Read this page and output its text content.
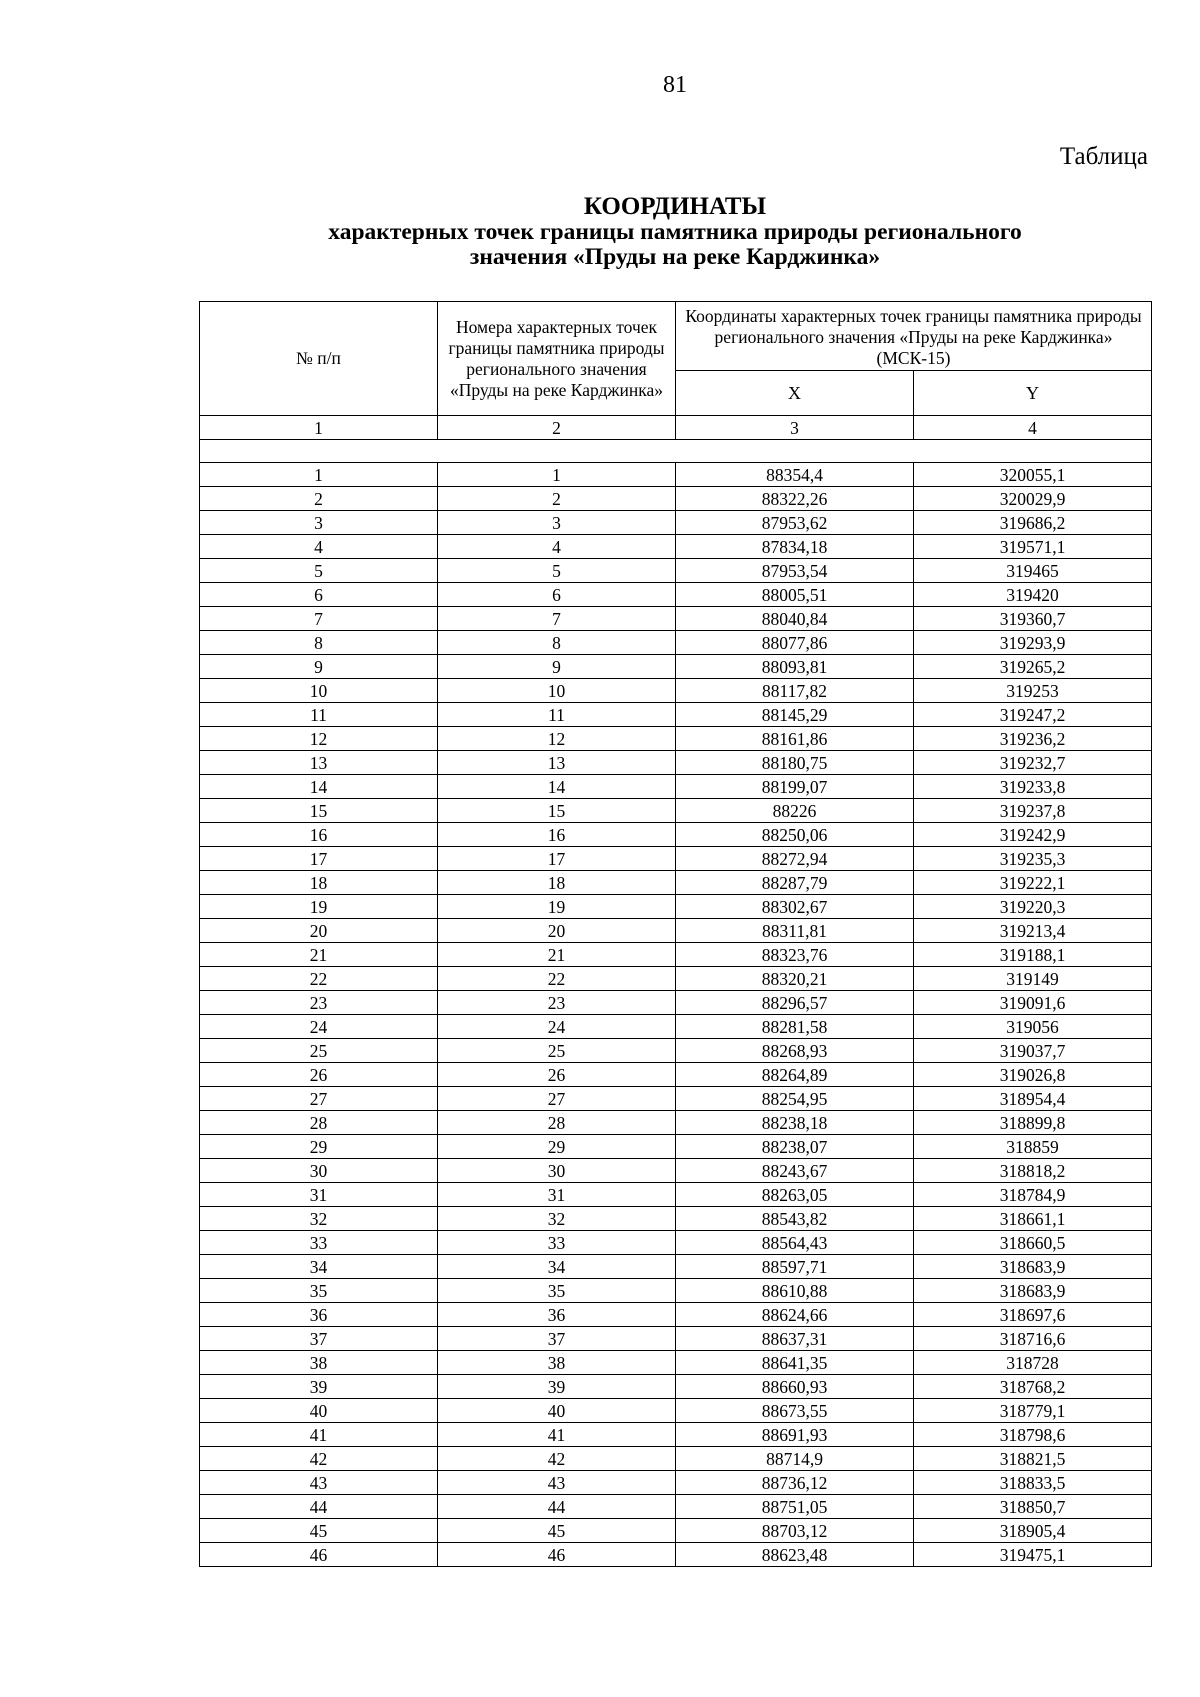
81
Таблица
КООРДИНАТЫ
характерных точек границы памятника природы регионального
значения «Пруды на реке Карджинка»
№ п/п	Номера характерных точек границы памятника природы регионального значения «Пруды на реке Карджинка»	Координаты характерных точек границы памятника природы регионального значения «Пруды на реке Карджинка» (МСК-15)	
		X	Y
1	2	3	4

1	1	88354,4	320055,1
2	2	88322,26	320029,9
3	3	87953,62	319686,2
4	4	87834,18	319571,1
5	5	87953,54	319465
6	6	88005,51	319420
7	7	88040,84	319360,7
8	8	88077,86	319293,9
9	9	88093,81	319265,2
10	10	88117,82	319253
11	11	88145,29	319247,2
12	12	88161,86	319236,2
13	13	88180,75	319232,7
14	14	88199,07	319233,8
15	15	88226	319237,8
16	16	88250,06	319242,9
17	17	88272,94	319235,3
18	18	88287,79	319222,1
19	19	88302,67	319220,3
20	20	88311,81	319213,4
21	21	88323,76	319188,1
22	22	88320,21	319149
23	23	88296,57	319091,6
24	24	88281,58	319056
25	25	88268,93	319037,7
26	26	88264,89	319026,8
27	27	88254,95	318954,4
28	28	88238,18	318899,8
29	29	88238,07	318859
30	30	88243,67	318818,2
31	31	88263,05	318784,9
32	32	88543,82	318661,1
33	33	88564,43	318660,5
34	34	88597,71	318683,9
35	35	88610,88	318683,9
36	36	88624,66	318697,6
37	37	88637,31	318716,6
38	38	88641,35	318728
39	39	88660,93	318768,2
40	40	88673,55	318779,1
41	41	88691,93	318798,6
42	42	88714,9	318821,5
43	43	88736,12	318833,5
44	44	88751,05	318850,7
45	45	88703,12	318905,4
46	46	88623,48	319475,1
